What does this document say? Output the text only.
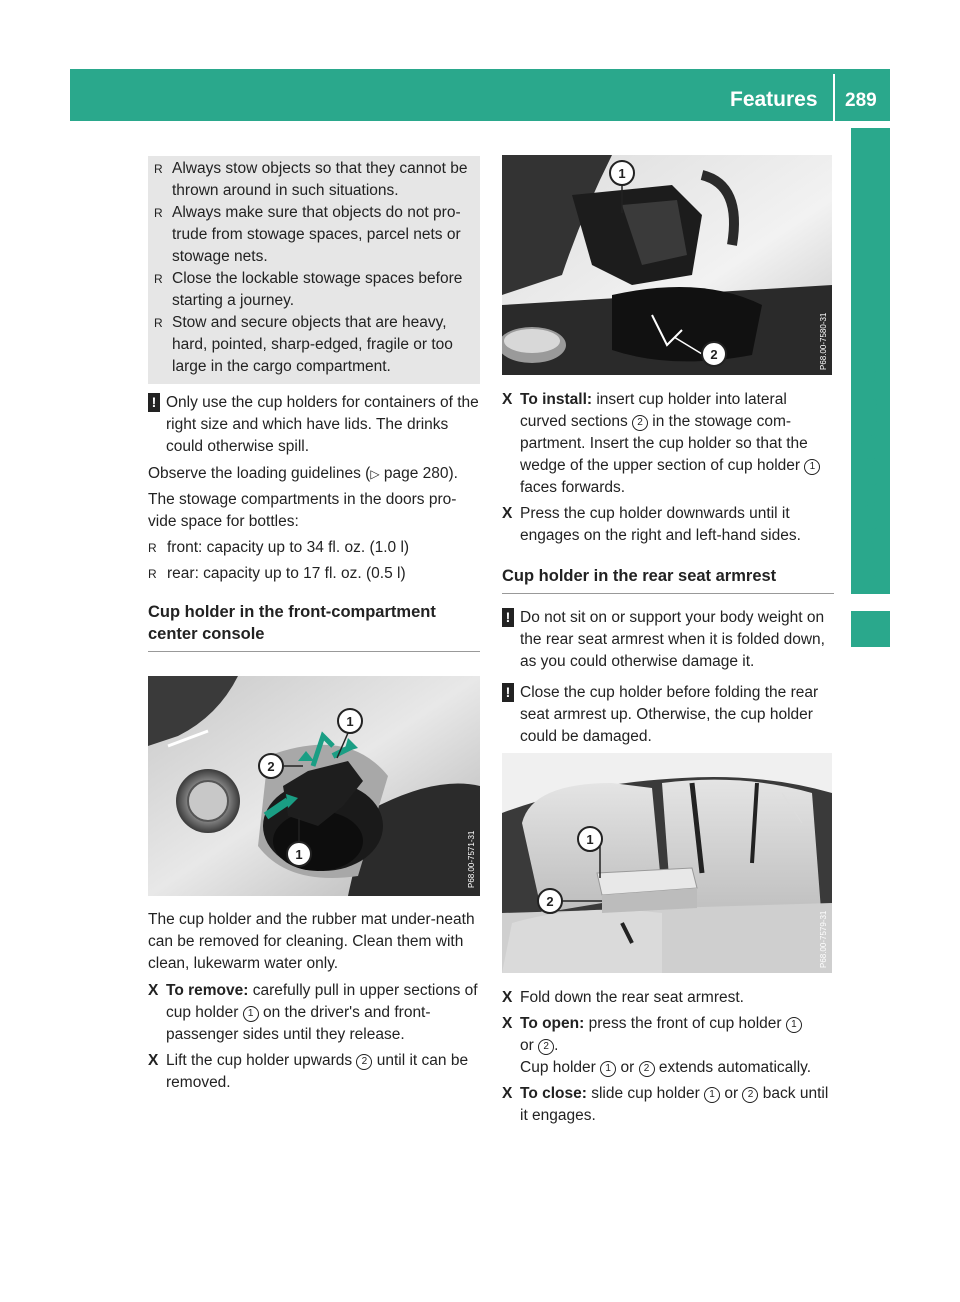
Features 289
Stowage and features

R Always stow objects so that they cannot be thrown around in such situations.

R Always make sure that objects do not pro-trude from stowage spaces, parcel nets or stowage nets.

R Close the lockable stowage spaces before starting a journey.

R Stow and secure objects that are heavy, hard, pointed, sharp-edged, fragile or too large in the cargo compartment.

! Only use the cup holders for containers of the right size and which have lids. The drinks could otherwise spill.

Observe the loading guidelines (▷ page 280).

The stowage compartments in the doors pro-vide space for bottles:

R front: capacity up to 34 fl. oz. (1.0 l)

R rear: capacity up to 17 fl. oz. (0.5 l)

Cup holder in the front-compartment
center console

1
2
1	P68.00-7571-31

The cup holder and the rubber mat under-neath can be removed for cleaning. Clean them with clean, lukewarm water only.

X To remove: carefully pull in upper sections of cup holder 1 on the driver's and front-passenger sides until they release.

X Lift the cup holder upwards 2 until it can be removed.

1
2	P68.00-7580-31

X To install: insert cup holder into lateral curved sections 2 in the stowage com-partment. Insert the cup holder so that the wedge of the upper section of cup holder 1 faces forwards.

X Press the cup holder downwards until it engages on the right and left-hand sides.

Cup holder in the rear seat armrest

! Do not sit on or support your body weight on the rear seat armrest when it is folded down, as you could otherwise damage it.

! Close the cup holder before folding the rear seat armrest up. Otherwise, the cup holder could be damaged.

1
2
P68.00-7579-31

X Fold down the rear seat armrest.

X To open: press the front of cup holder 1
or 2 .
Cup holder 1 or 2 extends automatically.

X To close: slide cup holder 1 or 2 back until it engages.
